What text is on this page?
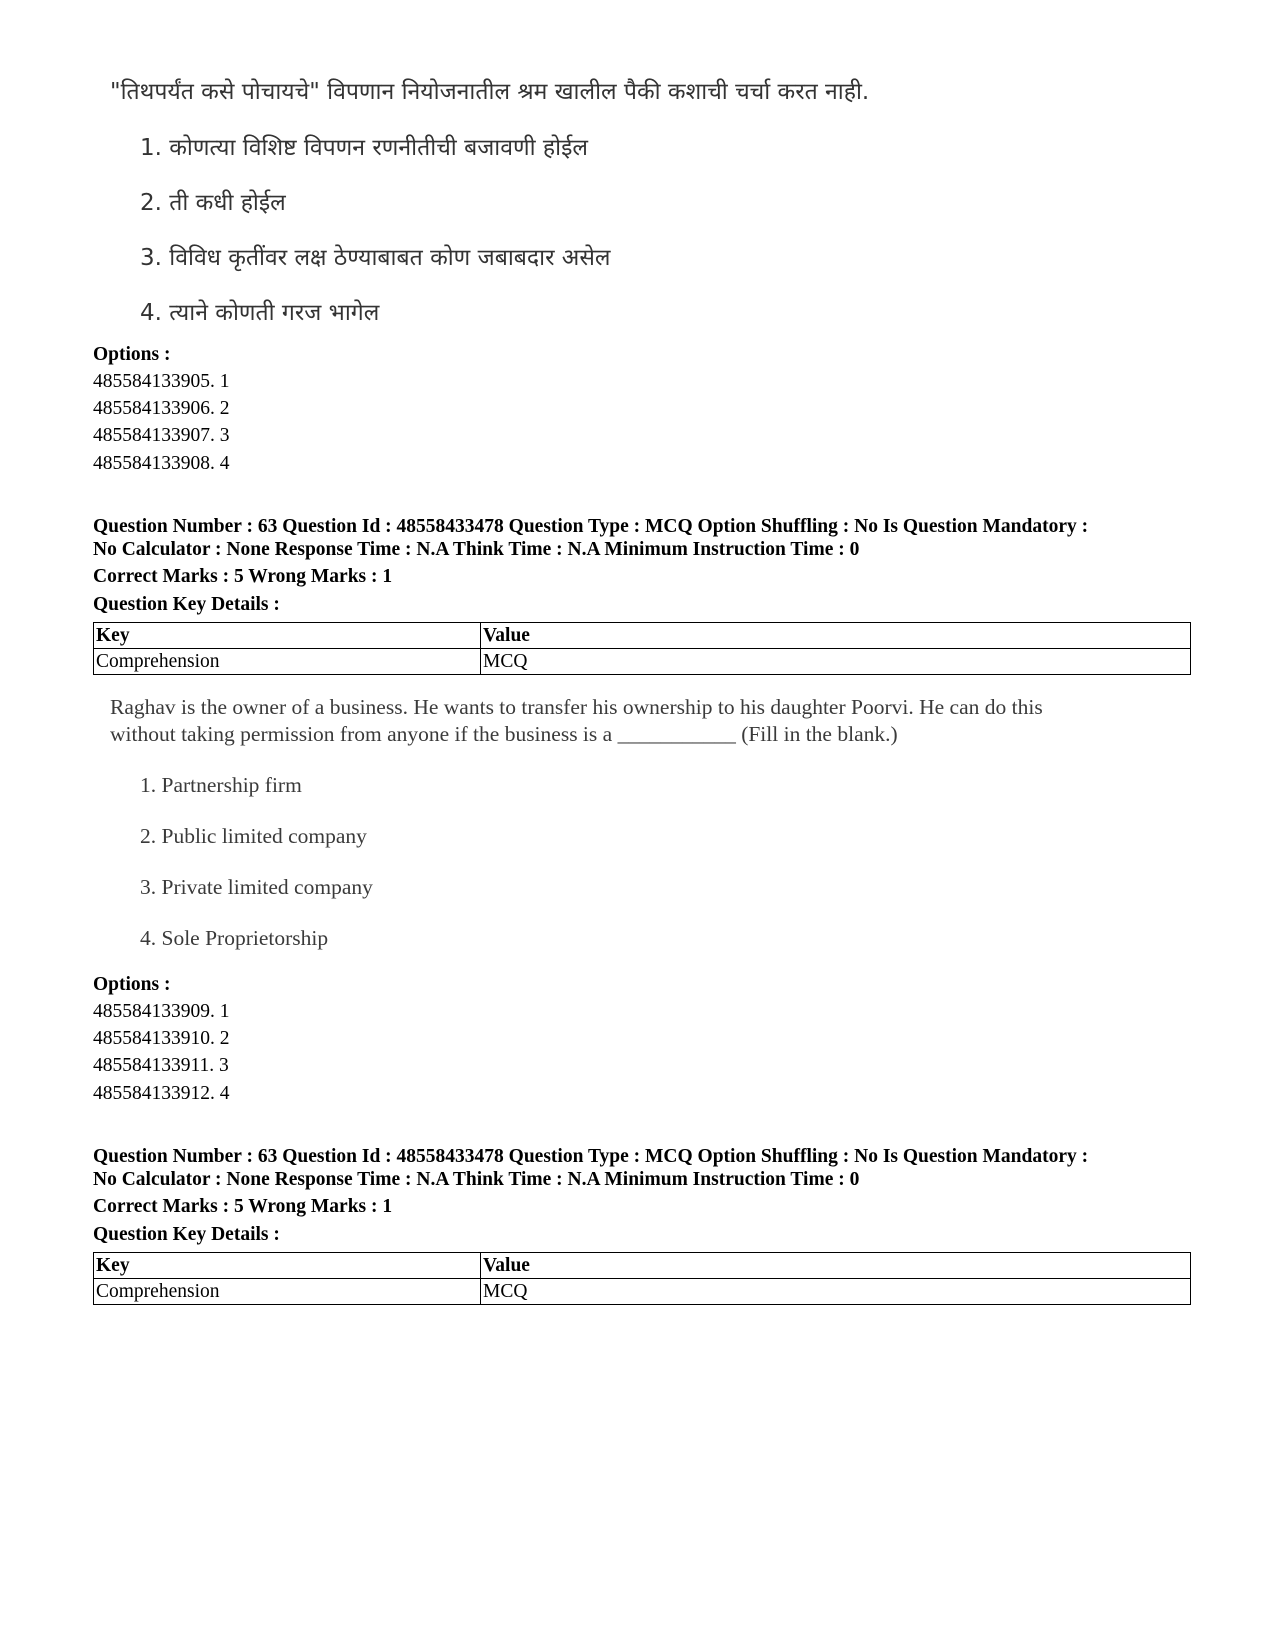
"तिथपर्यंत कसे पोचायचे" विपणान नियोजनातील श्रम खालील पैकी कशाची चर्चा करत नाही.
1. कोणत्या विशिष्ट विपणन रणनीतीची बजावणी होईल
2. ती कधी होईल
3. विविध कृतींवर लक्ष ठेण्याबाबत कोण जबाबदार असेल
4. त्याने कोणती गरज भागेल
Options :
485584133905. 1
485584133906. 2
485584133907. 3
485584133908. 4
Question Number : 63 Question Id : 48558433478 Question Type : MCQ Option Shuffling : No Is Question Mandatory :
No Calculator : None Response Time : N.A Think Time : N.A Minimum Instruction Time : 0
Correct Marks : 5 Wrong Marks : 1
Question Key Details :
Key	Value
Comprehension	MCQ
Raghav is the owner of a business. He wants to transfer his ownership to his daughter Poorvi. He can do this
without taking permission from anyone if the business is a ___________ (Fill in the blank.)
1. Partnership firm
2. Public limited company
3. Private limited company
4. Sole Proprietorship
Options :
485584133909. 1
485584133910. 2
485584133911. 3
485584133912. 4
Question Number : 63 Question Id : 48558433478 Question Type : MCQ Option Shuffling : No Is Question Mandatory :
No Calculator : None Response Time : N.A Think Time : N.A Minimum Instruction Time : 0
Correct Marks : 5 Wrong Marks : 1
Question Key Details :
Key	Value
Comprehension	MCQ
